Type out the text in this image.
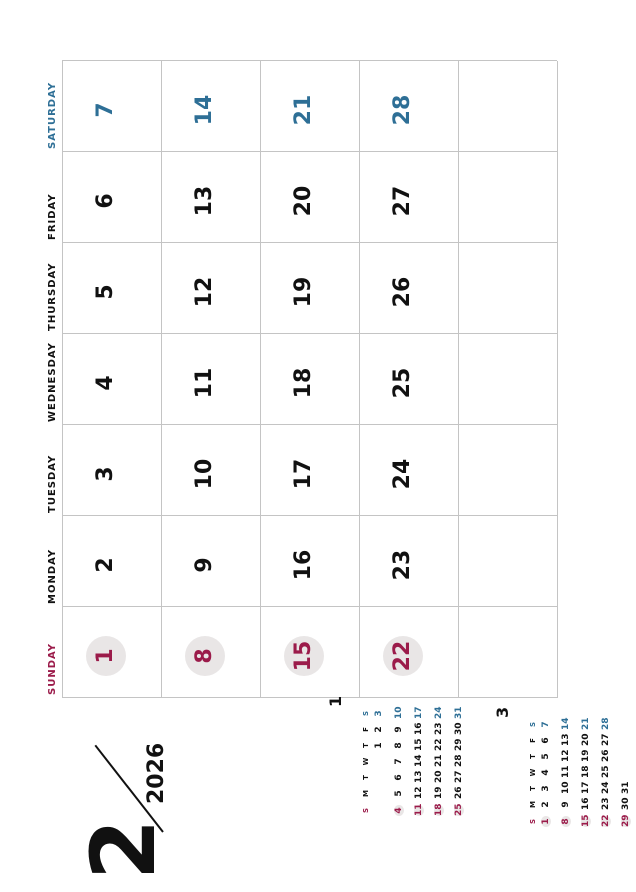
SUNDAY
MONDAY
TUESDAY
WEDNESDAY
THURSDAY
FRIDAY
SATURDAY
1
2
3
4
5
6
7
8
9
10
11
12
13
14
15
16
17
18
19
20
21
22
23
24
25
26
27
28
2
2026
1
S
M
T
W
T
F
S
1
2
3
4
5
6
7
8
9
10
11
12
13
14
15
16
17
18
19
20
21
22
23
24
25
26
27
28
29
30
31 3
S
M
T
W
T
F
S
1
2
3
4
5
6
7
8
9
10
11
12
13
14
15
16
17
18
19
20
21
22
23
24
25
26
27
28
29
30
31
